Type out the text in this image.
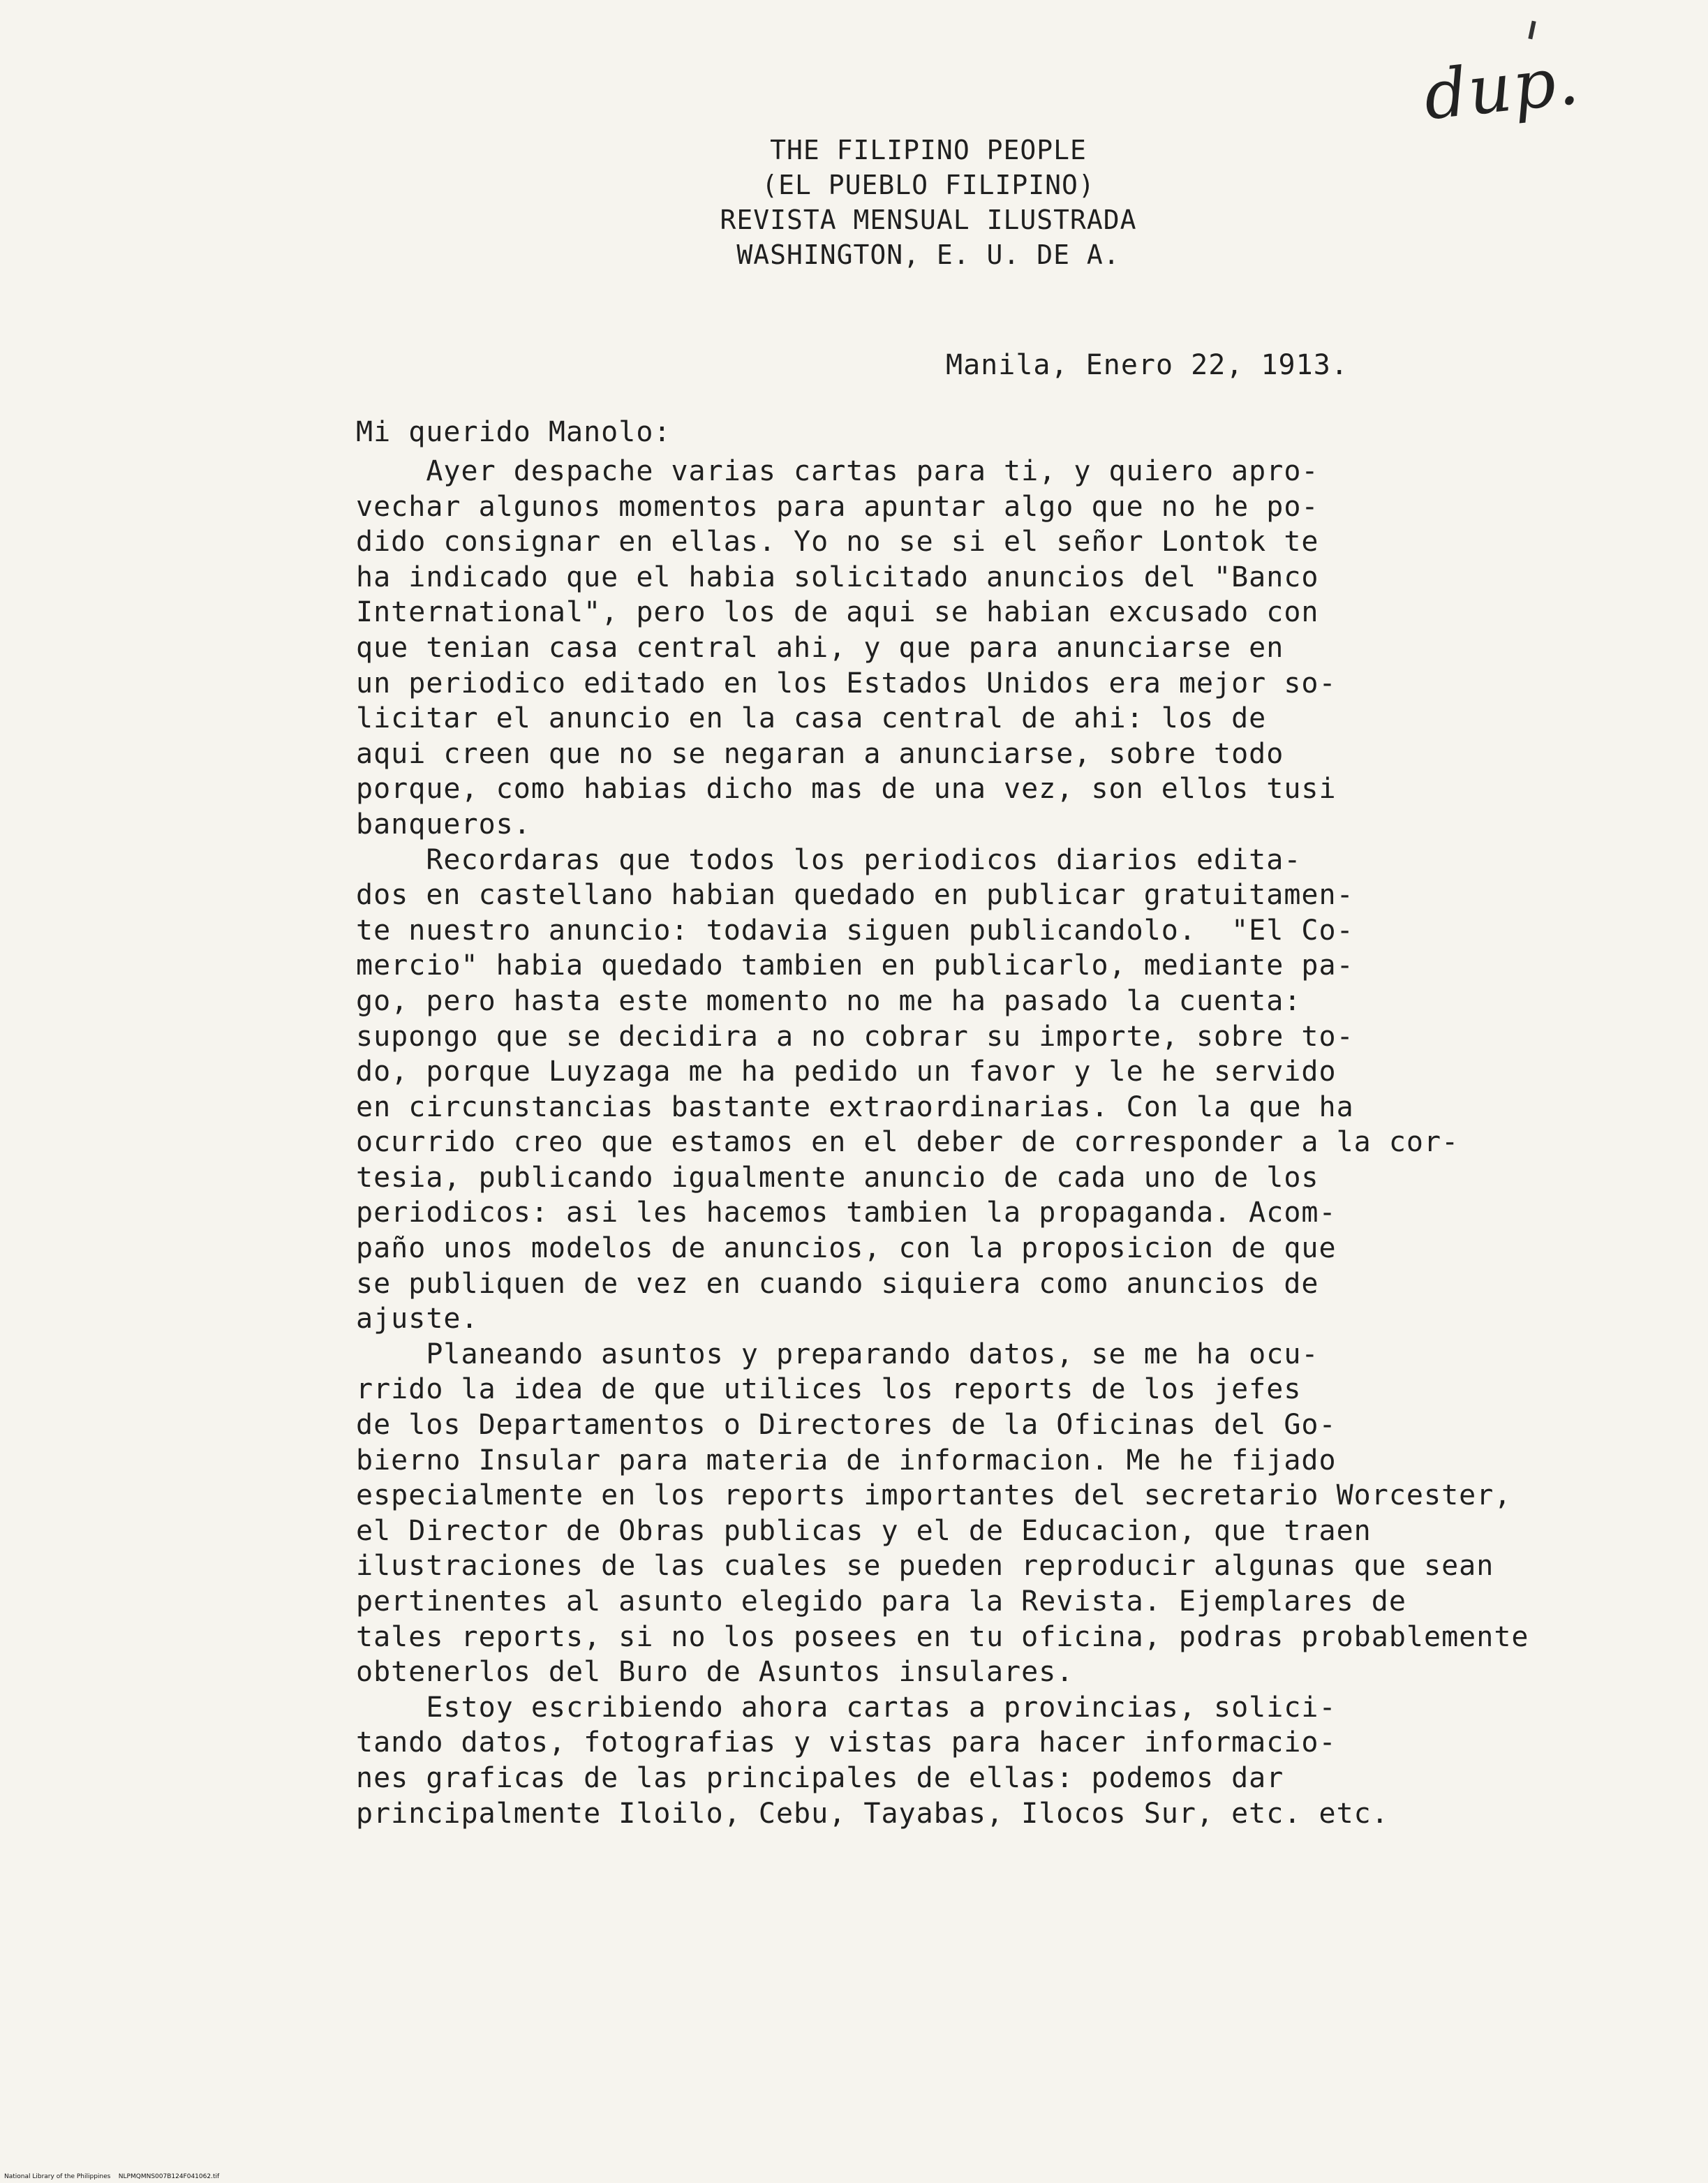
dup.
THE FILIPINO PEOPLE
(EL PUEBLO FILIPINO)
REVISTA MENSUAL ILUSTRADA
WASHINGTON, E. U. DE A.
Manila, Enero 22, 1913.
Mi querido Manolo:
Ayer despache varias cartas para ti, y quiero apro-
vechar algunos momentos para apuntar algo que no he po-
dido consignar en ellas. Yo no se si el señor Lontok te
ha indicado que el habia solicitado anuncios del "Banco
International", pero los de aqui se habian excusado con
que tenian casa central ahi, y que para anunciarse en
un periodico editado en los Estados Unidos era mejor so-
licitar el anuncio en la casa central de ahi: los de
aqui creen que no se negaran a anunciarse, sobre todo
porque, como habias dicho mas de una vez, son ellos tusi
banqueros.
Recordaras que todos los periodicos diarios edita-
dos en castellano habian quedado en publicar gratuitamen-
te nuestro anuncio: todavia siguen publicandolo.  "El Co-
mercio" habia quedado tambien en publicarlo, mediante pa-
go, pero hasta este momento no me ha pasado la cuenta:
supongo que se decidira a no cobrar su importe, sobre to-
do, porque Luyzaga me ha pedido un favor y le he servido
en circunstancias bastante extraordinarias. Con la que ha
ocurrido creo que estamos en el deber de corresponder a la cor-
tesia, publicando igualmente anuncio de cada uno de los
periodicos: asi les hacemos tambien la propaganda. Acom-
paño unos modelos de anuncios, con la proposicion de que
se publiquen de vez en cuando siquiera como anuncios de
ajuste.
Planeando asuntos y preparando datos, se me ha ocu-
rrido la idea de que utilices los reports de los jefes
de los Departamentos o Directores de la Oficinas del Go-
bierno Insular para materia de informacion. Me he fijado
especialmente en los reports importantes del secretario Worcester,
el Director de Obras publicas y el de Educacion, que traen
ilustraciones de las cuales se pueden reproducir algunas que sean
pertinentes al asunto elegido para la Revista. Ejemplares de
tales reports, si no los posees en tu oficina, podras probablemente
obtenerlos del Buro de Asuntos insulares.
Estoy escribiendo ahora cartas a provincias, solici-
tando datos, fotografias y vistas para hacer informacio-
nes graficas de las principales de ellas: podemos dar
principalmente Iloilo, Cebu, Tayabas, Ilocos Sur, etc. etc.
National Library of the Philippines    NLPMQMNS007B124F041062.tif
